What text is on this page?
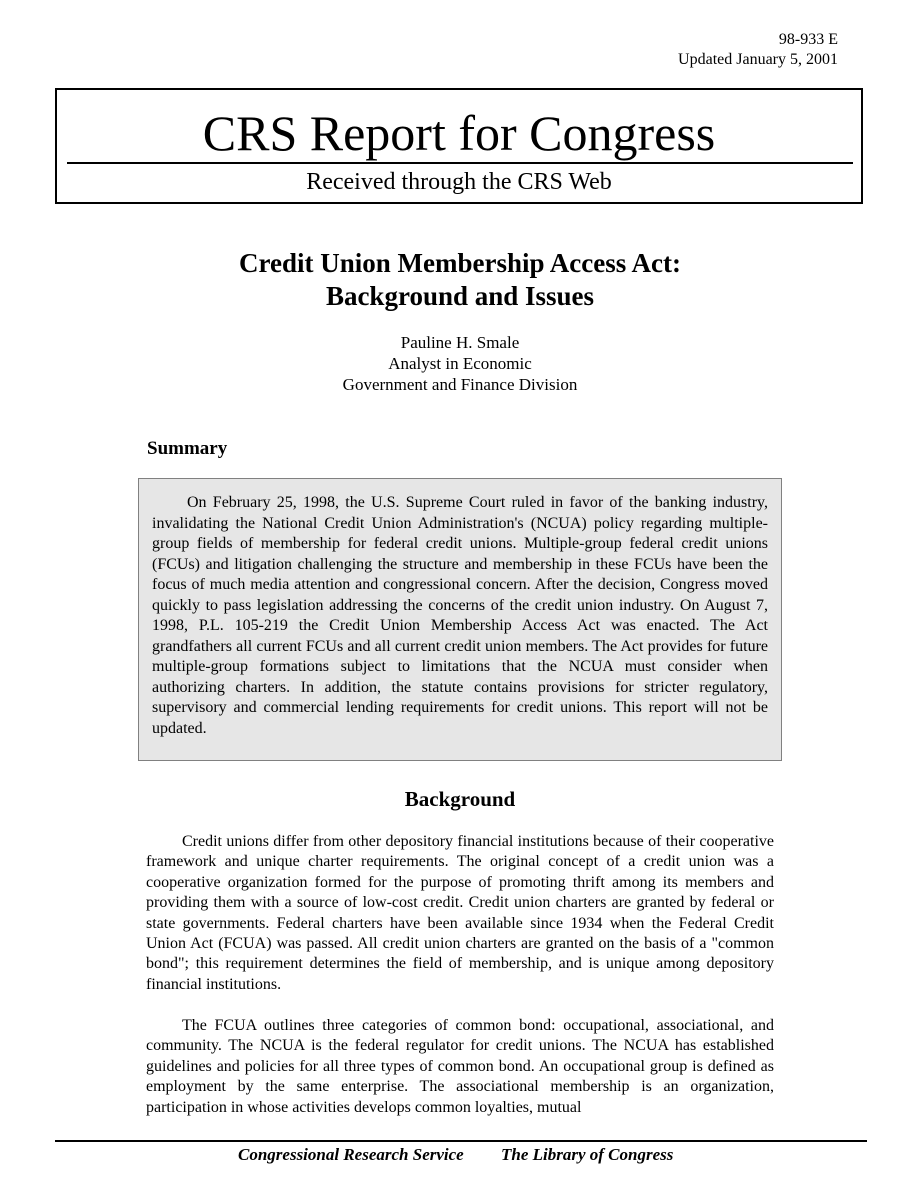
98-933 E
Updated January 5, 2001
CRS Report for Congress
Received through the CRS Web
Credit Union Membership Access Act:
Background and Issues
Pauline H. Smale
Analyst in Economic
Government and Finance Division
Summary

On February 25, 1998, the U.S. Supreme Court ruled in favor of the banking industry, invalidating the National Credit Union Administration's (NCUA) policy regarding multiple-group fields of membership for federal credit unions. Multiple-group federal credit unions (FCUs) and litigation challenging the structure and membership in these FCUs have been the focus of much media attention and congressional concern. After the decision, Congress moved quickly to pass legislation addressing the concerns of the credit union industry. On August 7, 1998, P.L. 105-219 the Credit Union Membership Access Act was enacted. The Act grandfathers all current FCUs and all current credit union members. The Act provides for future multiple-group formations subject to limitations that the NCUA must consider when authorizing charters. In addition, the statute contains provisions for stricter regulatory, supervisory and commercial lending requirements for credit unions. This report will not be updated.

Background

Credit unions differ from other depository financial institutions because of their cooperative framework and unique charter requirements. The original concept of a credit union was a cooperative organization formed for the purpose of promoting thrift among its members and providing them with a source of low-cost credit. Credit union charters are granted by federal or state governments. Federal charters have been available since 1934 when the Federal Credit Union Act (FCUA) was passed. All credit union charters are granted on the basis of a "common bond"; this requirement determines the field of membership, and is unique among depository financial institutions.

The FCUA outlines three categories of common bond: occupational, associational, and community. The NCUA is the federal regulator for credit unions. The NCUA has established guidelines and policies for all three types of common bond. An occupational group is defined as employment by the same enterprise. The associational membership is an organization, participation in whose activities develops common loyalties, mutual

Congressional Research Service The Library of Congress
